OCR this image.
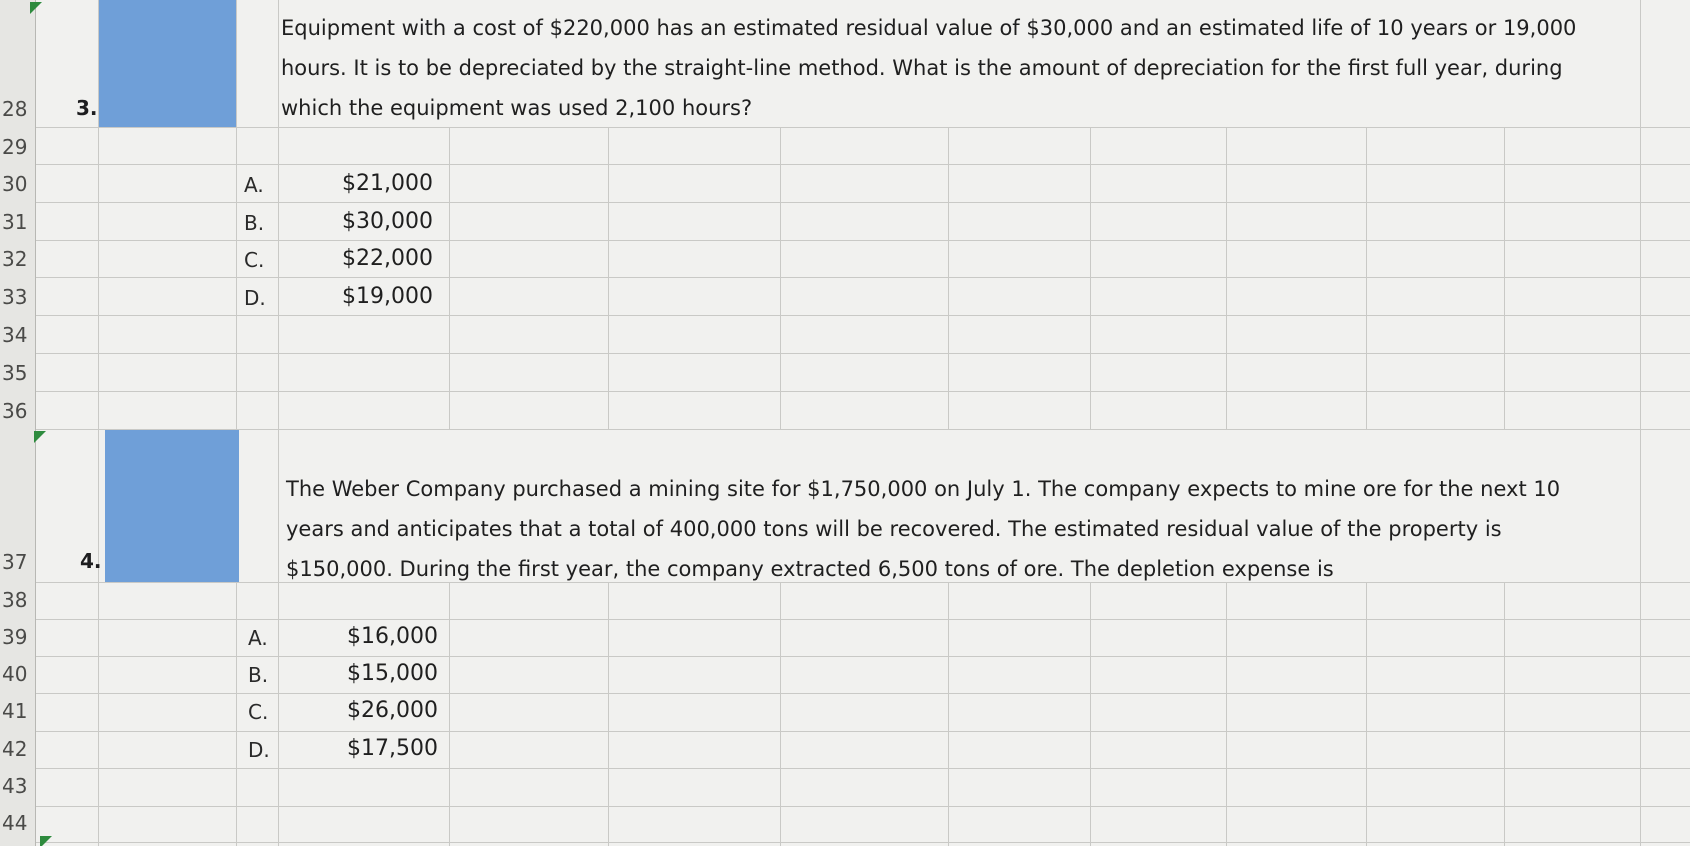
28
29
30
31
32
33
34
35
36
37
38
39
40
41
42
43
44
3.
Equipment with a cost of $220,000 has an estimated residual value of $30,000 and an estimated life of 10 years or 19,000
hours. It is to be depreciated by the straight-line method. What is the amount of depreciation for the first full year, during
which the equipment was used 2,100 hours?
A.	$21,000
B.	$30,000
C.	$22,000
D.	$19,000
4.
The Weber Company purchased a mining site for $1,750,000 on July 1. The company expects to mine ore for the next 10
years and anticipates that a total of 400,000 tons will be recovered. The estimated residual value of the property is
$150,000. During the first year, the company extracted 6,500 tons of ore. The depletion expense is
A.	$16,000
B.	$15,000
C.	$26,000
D.	$17,500
